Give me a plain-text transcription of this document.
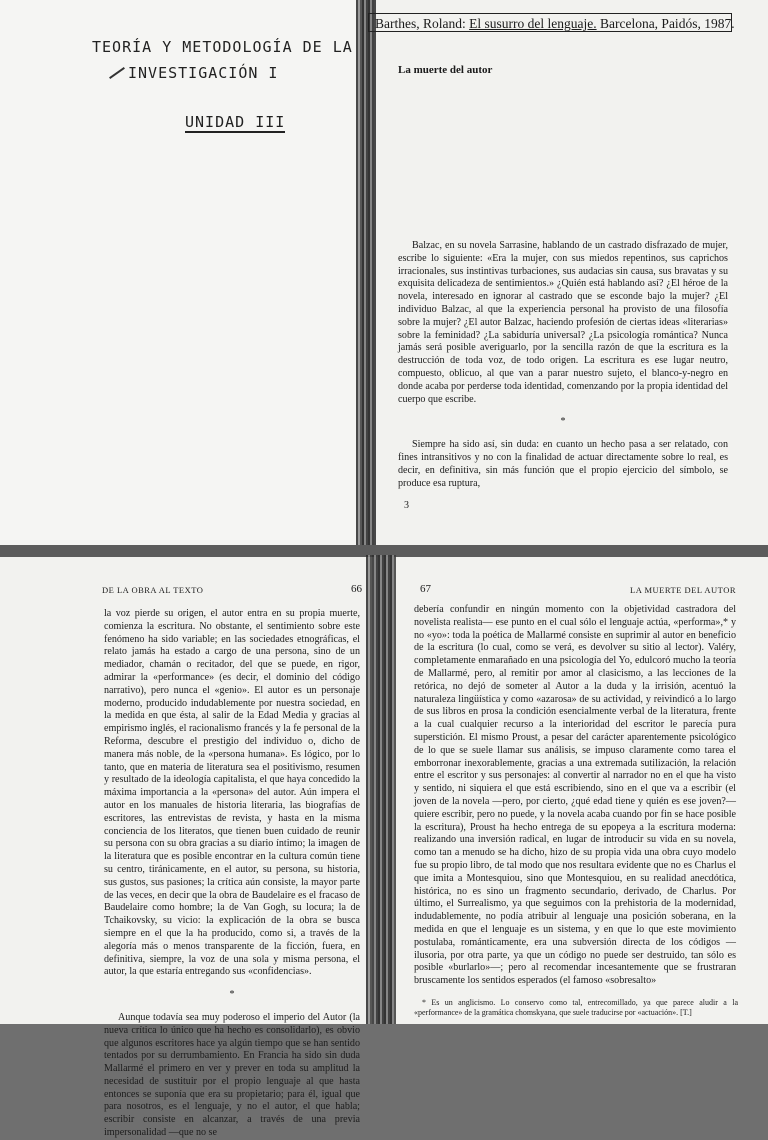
TEORÍA Y METODOLOGÍA DE LA
INVESTIGACIÓN I
UNIDAD III
Barthes, Roland: El susurro del lenguaje. Barcelona, Paidós, 1987.
La muerte del autor

Balzac, en su novela Sarrasine, hablando de un castrado disfrazado de mujer, escribe lo siguiente: «Era la mujer, con sus miedos repentinos, sus caprichos irracionales, sus instintivas turbaciones, sus audacias sin causa, sus bravatas y su exquisita delicadeza de sentimientos.» ¿Quién está hablando así? ¿El héroe de la novela, interesado en ignorar al castrado que se esconde bajo la mujer? ¿El individuo Balzac, al que la experiencia personal ha provisto de una filosofía sobre la mujer? ¿El autor Balzac, haciendo profesión de ciertas ideas «literarias» sobre la feminidad? ¿La sabiduría universal? ¿La psicología romántica? Nunca jamás será posible averiguarlo, por la sencilla razón de que la escritura es la destrucción de toda voz, de todo origen. La escritura es ese lugar neutro, compuesto, oblicuo, al que van a parar nuestro sujeto, el blanco-y-negro en donde acaba por perderse toda identidad, comenzando por la propia identidad del cuerpo que escribe.

*

Siempre ha sido así, sin duda: en cuanto un hecho pasa a ser relatado, con fines intransitivos y no con la finalidad de actuar directamente sobre lo real, es decir, en definitiva, sin más función que el propio ejercicio del símbolo, se produce esa ruptura,

3
DE LA OBRA AL TEXTO	66

la voz pierde su origen, el autor entra en su propia muerte, comienza la escritura. No obstante, el sentimiento sobre este fenómeno ha sido variable; en las sociedades etnográficas, el relato jamás ha estado a cargo de una persona, sino de un mediador, chamán o recitador, del que se puede, en rigor, admirar la «performance» (es decir, el dominio del código narrativo), pero nunca el «genio». El autor es un personaje moderno, producido indudablemente por nuestra sociedad, en la medida en que ésta, al salir de la Edad Media y gracias al empirismo inglés, el racionalismo francés y la fe personal de la Reforma, descubre el prestigio del individuo o, dicho de manera más noble, de la «persona humana». Es lógico, por lo tanto, que en materia de literatura sea el positivismo, resumen y resultado de la ideología capitalista, el que haya concedido la máxima importancia a la «persona» del autor. Aún impera el autor en los manuales de historia literaria, las biografías de escritores, las entrevistas de revista, y hasta en la misma conciencia de los literatos, que tienen buen cuidado de reunir su persona con su obra gracias a su diario íntimo; la imagen de la literatura que es posible encontrar en la cultura común tiene su centro, tiránicamente, en el autor, su persona, su historia, sus gustos, sus pasiones; la crítica aún consiste, la mayor parte de las veces, en decir que la obra de Baudelaire es el fracaso de Baudelaire como hombre; la de Van Gogh, su locura; la de Tchaikovsky, su vicio: la explicación de la obra se busca siempre en el que la ha producido, como si, a través de la alegoría más o menos transparente de la ficción, fuera, en definitiva, siempre, la voz de una sola y misma persona, el autor, la que estaría entregando sus «confidencias».

*

Aunque todavía sea muy poderoso el imperio del Autor (la nueva crítica lo único que ha hecho es consolidarlo), es obvio que algunos escritores hace ya algún tiempo que se han sentido tentados por su derrumbamiento. En Francia ha sido sin duda Mallarmé el primero en ver y prever en toda su amplitud la necesidad de sustituir por el propio lenguaje al que hasta entonces se suponía que era su propietario; para él, igual que para nosotros, es el lenguaje, y no el autor, el que habla; escribir consiste en alcanzar, a través de una previa impersonalidad —que no se

67	LA MUERTE DEL AUTOR

debería confundir en ningún momento con la objetividad castradora del novelista realista— ese punto en el cual sólo el lenguaje actúa, «performa»,* y no «yo»: toda la poética de Mallarmé consiste en suprimir al autor en beneficio de la escritura (lo cual, como se verá, es devolver su sitio al lector). Valéry, completamente enmarañado en una psicología del Yo, edulcoró mucho la teoría de Mallarmé, pero, al remitir por amor al clasicismo, a las lecciones de la retórica, no dejó de someter al Autor a la duda y la irrisión, acentuó la naturaleza lingüística y como «azarosa» de su actividad, y reivindicó a lo largo de sus libros en prosa la condición esencialmente verbal de la literatura, frente a la cual cualquier recurso a la interioridad del escritor le parecía pura superstición. El mismo Proust, a pesar del carácter aparentemente psicológico de lo que se suele llamar sus análisis, se impuso claramente como tarea el emborronar inexorablemente, gracias a una extremada sutilización, la relación entre el escritor y sus personajes: al convertir al narrador no en el que ha visto y sentido, ni siquiera el que está escribiendo, sino en el que va a escribir (el joven de la novela —pero, por cierto, ¿qué edad tiene y quién es ese joven?— quiere escribir, pero no puede, y la novela acaba cuando por fin se hace posible la escritura), Proust ha hecho entrega de su epopeya a la escritura moderna: realizando una inversión radical, en lugar de introducir su vida en su novela, como tan a menudo se ha dicho, hizo de su propia vida una obra cuyo modelo fue su propio libro, de tal modo que nos resultara evidente que no es Charlus el que imita a Montesquiou, sino que Montesquiou, en su realidad anecdótica, histórica, no es sino un fragmento secundario, derivado, de Charlus. Por último, el Surrealismo, ya que seguimos con la prehistoria de la modernidad, indudablemente, no podía atribuir al lenguaje una posición soberana, en la medida en que el lenguaje es un sistema, y en que lo que este movimiento postulaba, románticamente, era una subversión directa de los códigos —ilusoria, por otra parte, ya que un código no puede ser destruido, tan sólo es posible «burlarlo»—; pero al recomendar incesantemente que se frustraran bruscamente los sentidos esperados (el famoso «sobresalto»

* Es un anglicismo. Lo conservo como tal, entrecomillado, ya que parece aludir a la «performance» de la gramática chomskyana, que suele traducirse por «actuación». [T.]
